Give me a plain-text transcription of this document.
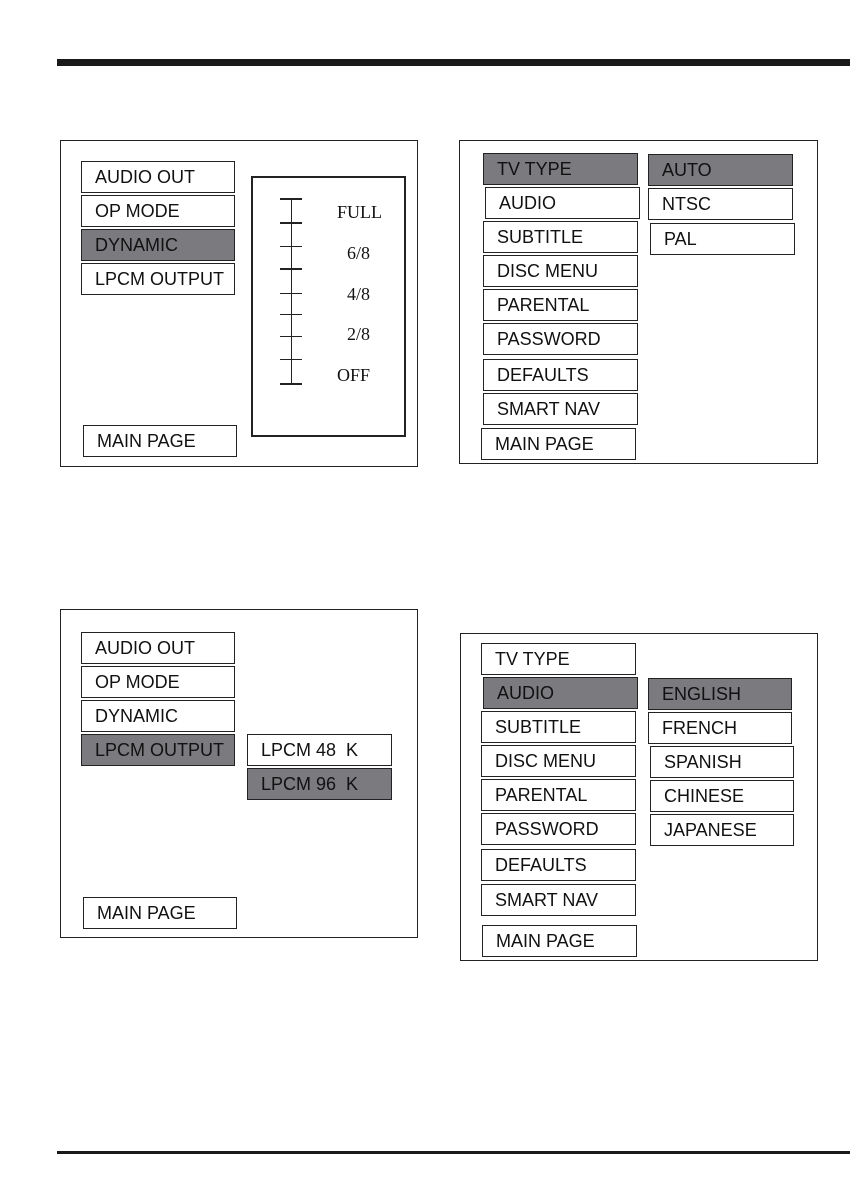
AUDIO OUT
OP MODE
DYNAMIC
LPCM OUTPUT
FULL
6/8
4/8
2/8
OFF
MAIN PAGE
TV TYPE
AUDIO
SUBTITLE
DISC MENU
PARENTAL
PASSWORD
DEFAULTS
SMART NAV
MAIN PAGE
AUTO
NTSC
PAL
AUDIO OUT
OP MODE
DYNAMIC
LPCM OUTPUT	LPCM 48  K
LPCM 96  K
MAIN PAGE
TV TYPE
AUDIO
SUBTITLE
DISC MENU
PARENTAL
PASSWORD
DEFAULTS
SMART NAV
MAIN PAGE
ENGLISH
FRENCH
SPANISH
CHINESE
JAPANESE
